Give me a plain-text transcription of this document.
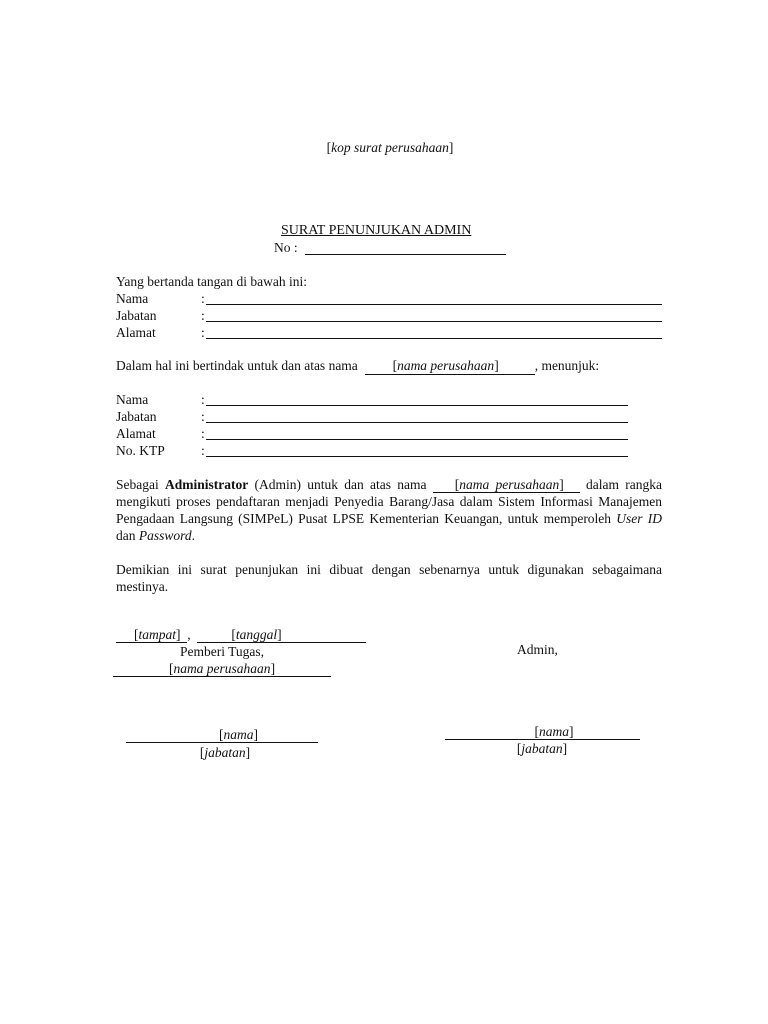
[kop surat perusahaan]
SURAT PENUNJUKAN ADMIN
No :
Yang bertanda tangan di bawah ini:
Nama	:
Jabatan	:
Alamat	:
Dalam hal ini bertindak untuk dan atas nama	[nama perusahaan]	, menunjuk:
Nama	:
Jabatan	:
Alamat	:
No. KTP	:
Sebagai Administrator (Admin) untuk dan atas nama [nama perusahaan] dalam rangka mengikuti proses pendaftaran menjadi Penyedia Barang/Jasa dalam Sistem Informasi Manajemen Pengadaan Langsung (SIMPeL) Pusat LPSE Kementerian Keuangan, untuk memperoleh User ID dan Password.
Demikian ini surat penunjukan ini dibuat dengan sebenarnya untuk digunakan sebagaimana mestinya.
[tampat]  ,	[tanggal]
Pemberi Tugas,
[nama perusahaan]
Admin,
[nama]
[jabatan]
[nama]
[jabatan]
